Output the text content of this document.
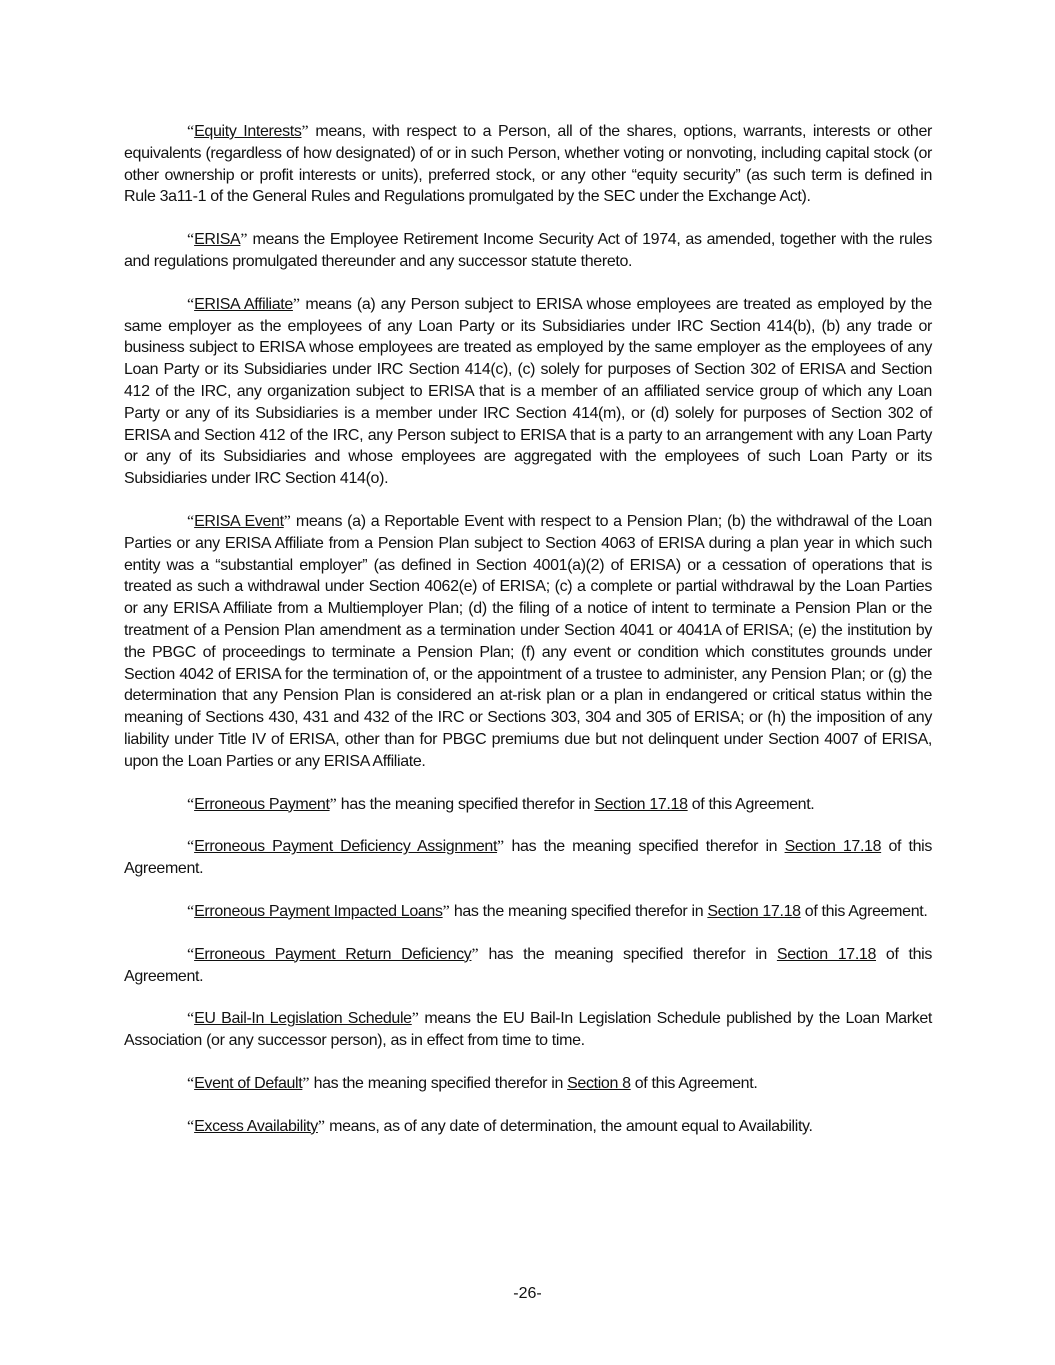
“Equity Interests” means, with respect to a Person, all of the shares, options, warrants, interests or other equivalents (regardless of how designated) of or in such Person, whether voting or nonvoting, including capital stock (or other ownership or profit interests or units), preferred stock, or any other “equity security” (as such term is defined in Rule 3a11-1 of the General Rules and Regulations promulgated by the SEC under the Exchange Act).

“ERISA” means the Employee Retirement Income Security Act of 1974, as amended, together with the rules and regulations promulgated thereunder and any successor statute thereto.

“ERISA Affiliate” means (a) any Person subject to ERISA whose employees are treated as employed by the same employer as the employees of any Loan Party or its Subsidiaries under IRC Section 414(b), (b) any trade or business subject to ERISA whose employees are treated as employed by the same employer as the employees of any Loan Party or its Subsidiaries under IRC Section 414(c), (c) solely for purposes of Section 302 of ERISA and Section 412 of the IRC, any organization subject to ERISA that is a member of an affiliated service group of which any Loan Party or any of its Subsidiaries is a member under IRC Section 414(m), or (d) solely for purposes of Section 302 of ERISA and Section 412 of the IRC, any Person subject to ERISA that is a party to an arrangement with any Loan Party or any of its Subsidiaries and whose employees are aggregated with the employees of such Loan Party or its Subsidiaries under IRC Section 414(o).

“ERISA Event” means (a) a Reportable Event with respect to a Pension Plan; (b) the withdrawal of the Loan Parties or any ERISA Affiliate from a Pension Plan subject to Section 4063 of ERISA during a plan year in which such entity was a “substantial employer” (as defined in Section 4001(a)(2) of ERISA) or a cessation of operations that is treated as such a withdrawal under Section 4062(e) of ERISA; (c) a complete or partial withdrawal by the Loan Parties or any ERISA Affiliate from a Multiemployer Plan; (d) the filing of a notice of intent to terminate a Pension Plan or the treatment of a Pension Plan amendment as a termination under Section 4041 or 4041A of ERISA; (e) the institution by the PBGC of proceedings to terminate a Pension Plan; (f) any event or condition which constitutes grounds under Section 4042 of ERISA for the termination of, or the appointment of a trustee to administer, any Pension Plan; or (g) the determination that any Pension Plan is considered an at-risk plan or a plan in endangered or critical status within the meaning of Sections 430, 431 and 432 of the IRC or Sections 303, 304 and 305 of ERISA; or (h) the imposition of any liability under Title IV of ERISA, other than for PBGC premiums due but not delinquent under Section 4007 of ERISA, upon the Loan Parties or any ERISA Affiliate.

“Erroneous Payment” has the meaning specified therefor in Section 17.18 of this Agreement.

“Erroneous Payment Deficiency Assignment” has the meaning specified therefor in Section 17.18 of this Agreement.

“Erroneous Payment Impacted Loans” has the meaning specified therefor in Section 17.18 of this Agreement.

“Erroneous Payment Return Deficiency” has the meaning specified therefor in Section 17.18 of this Agreement.

“EU Bail-In Legislation Schedule” means the EU Bail-In Legislation Schedule published by the Loan Market Association (or any successor person), as in effect from time to time.

“Event of Default” has the meaning specified therefor in Section 8 of this Agreement.

“Excess Availability” means, as of any date of determination, the amount equal to Availability.

-26-
